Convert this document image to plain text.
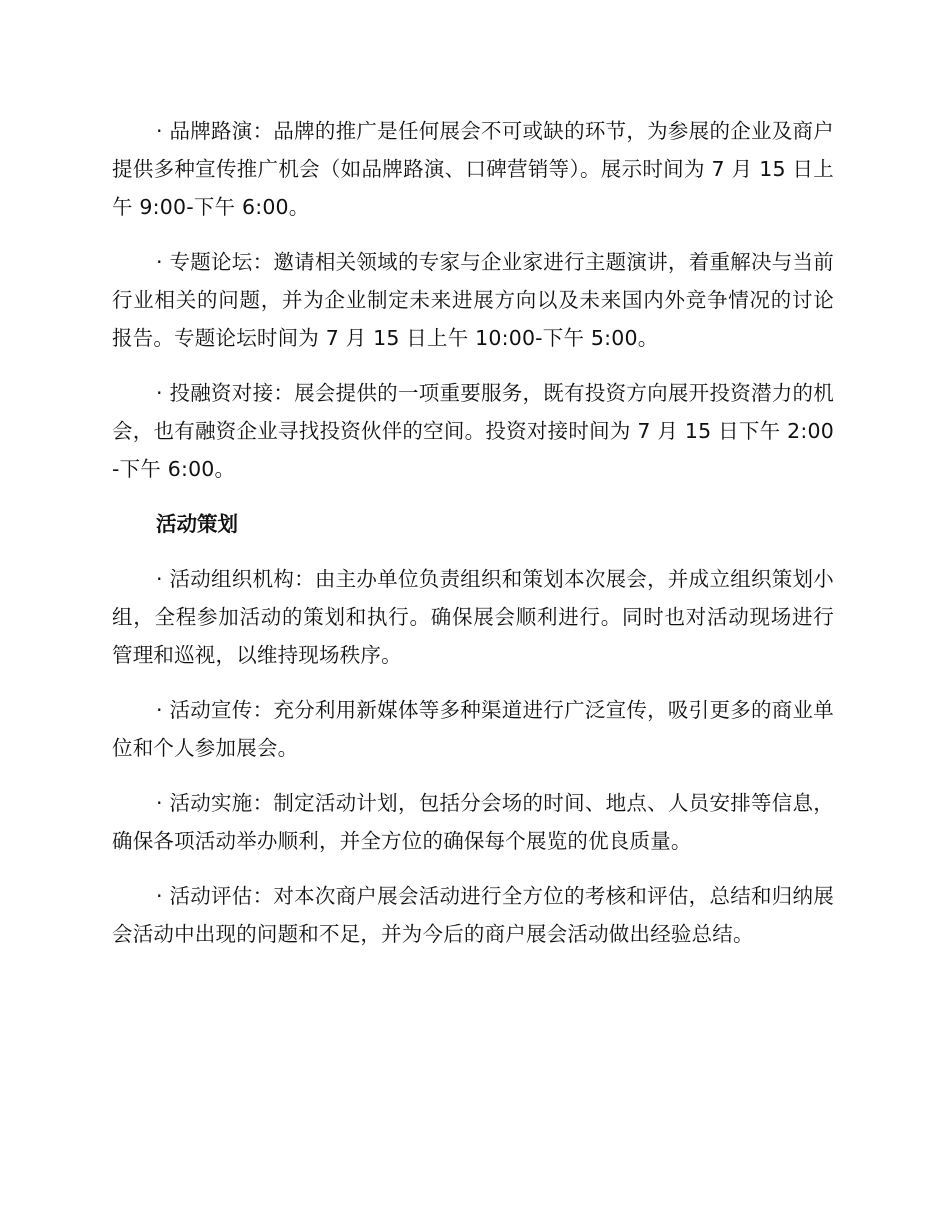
· 品牌路演：品牌的推广是任何展会不可或缺的环节，为参展的企业及商户提供多种宣传推广机会（如品牌路演、口碑营销等）。展示时间为 7 月 15 日上午 9:00-下午 6:00。

· 专题论坛：邀请相关领域的专家与企业家进行主题演讲，着重解决与当前行业相关的问题，并为企业制定未来进展方向以及未来国内外竞争情况的讨论报告。专题论坛时间为 7 月 15 日上午 10:00-下午 5:00。

· 投融资对接：展会提供的一项重要服务，既有投资方向展开投资潜力的机会，也有融资企业寻找投资伙伴的空间。投资对接时间为 7 月 15 日下午 2:00-下午 6:00。

活动策划

· 活动组织机构：由主办单位负责组织和策划本次展会，并成立组织策划小组，全程参加活动的策划和执行。确保展会顺利进行。同时也对活动现场进行管理和巡视，以维持现场秩序。

· 活动宣传：充分利用新媒体等多种渠道进行广泛宣传，吸引更多的商业单位和个人参加展会。

· 活动实施：制定活动计划，包括分会场的时间、地点、人员安排等信息，确保各项活动举办顺利，并全方位的确保每个展览的优良质量。

· 活动评估：对本次商户展会活动进行全方位的考核和评估，总结和归纳展会活动中出现的问题和不足，并为今后的商户展会活动做出经验总结。
